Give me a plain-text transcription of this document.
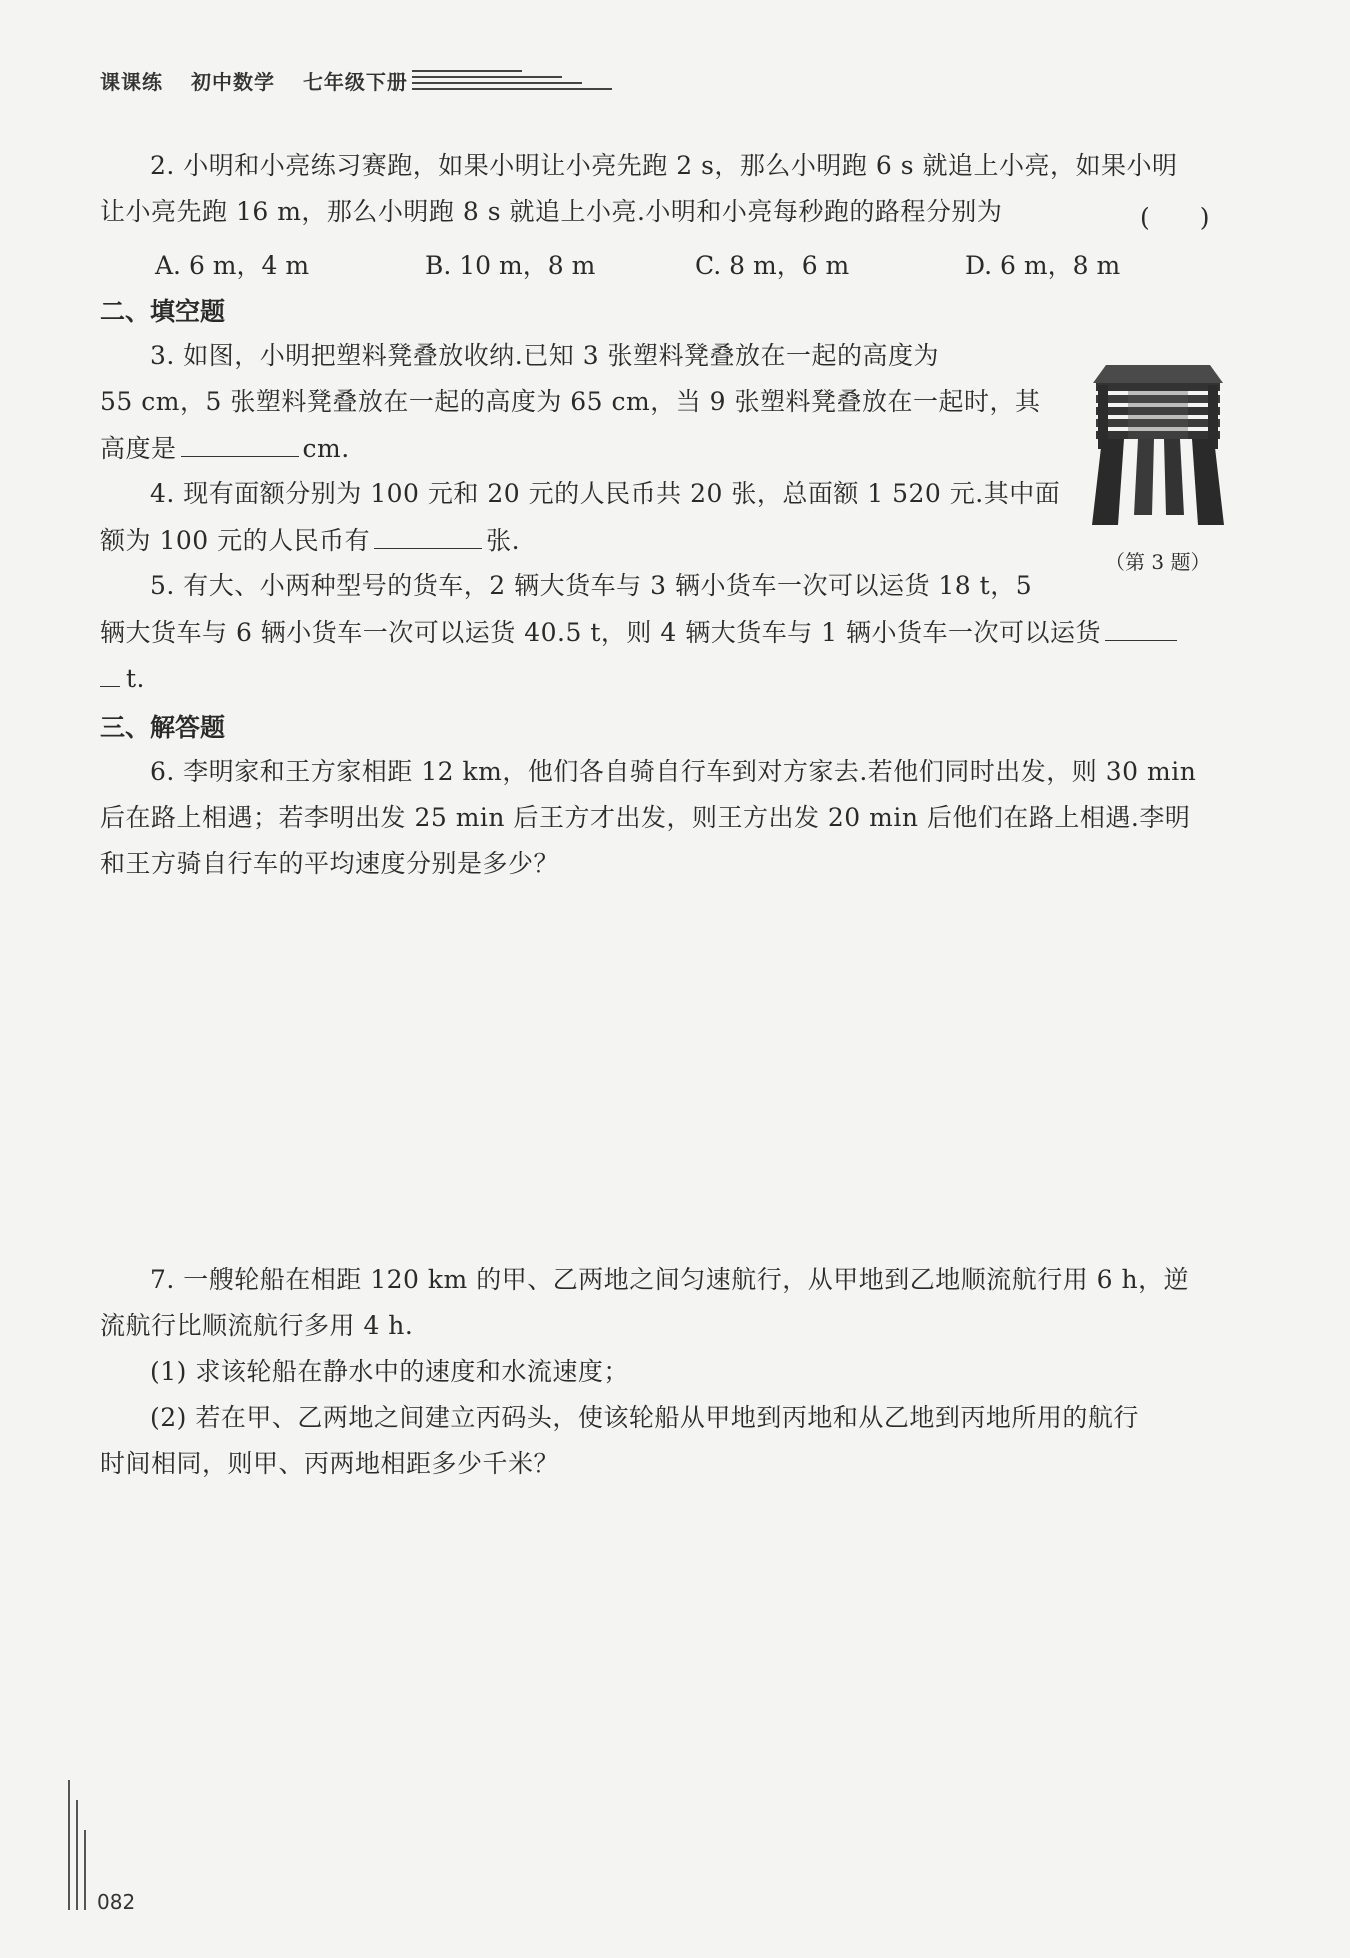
课课练 初中数学 七年级下册
2. 小明和小亮练习赛跑，如果小明让小亮先跑 2 s，那么小明跑 6 s 就追上小亮，如果小明
让小亮先跑 16 m，那么小明跑 8 s 就追上小亮.小明和小亮每秒跑的路程分别为	(　　)
A. 6 m，4 m	B. 10 m，8 m	C. 8 m，6 m	D. 6 m，8 m
二、填空题
3. 如图，小明把塑料凳叠放收纳.已知 3 张塑料凳叠放在一起的高度为
55 cm，5 张塑料凳叠放在一起的高度为 65 cm，当 9 张塑料凳叠放在一起时，其
高度是	cm.
（第 3 题）
4. 现有面额分别为 100 元和 20 元的人民币共 20 张，总面额 1 520 元.其中面
额为 100 元的人民币有	张.
5. 有大、小两种型号的货车，2 辆大货车与 3 辆小货车一次可以运货 18 t，5
辆大货车与 6 辆小货车一次可以运货 40.5 t，则 4 辆大货车与 1 辆小货车一次可以运货
t.
三、解答题
6. 李明家和王方家相距 12 km，他们各自骑自行车到对方家去.若他们同时出发，则 30 min
后在路上相遇；若李明出发 25 min 后王方才出发，则王方出发 20 min 后他们在路上相遇.李明
和王方骑自行车的平均速度分别是多少？
7. 一艘轮船在相距 120 km 的甲、乙两地之间匀速航行，从甲地到乙地顺流航行用 6 h，逆
流航行比顺流航行多用 4 h.
(1) 求该轮船在静水中的速度和水流速度；
(2) 若在甲、乙两地之间建立丙码头，使该轮船从甲地到丙地和从乙地到丙地所用的航行
时间相同，则甲、丙两地相距多少千米？
082
